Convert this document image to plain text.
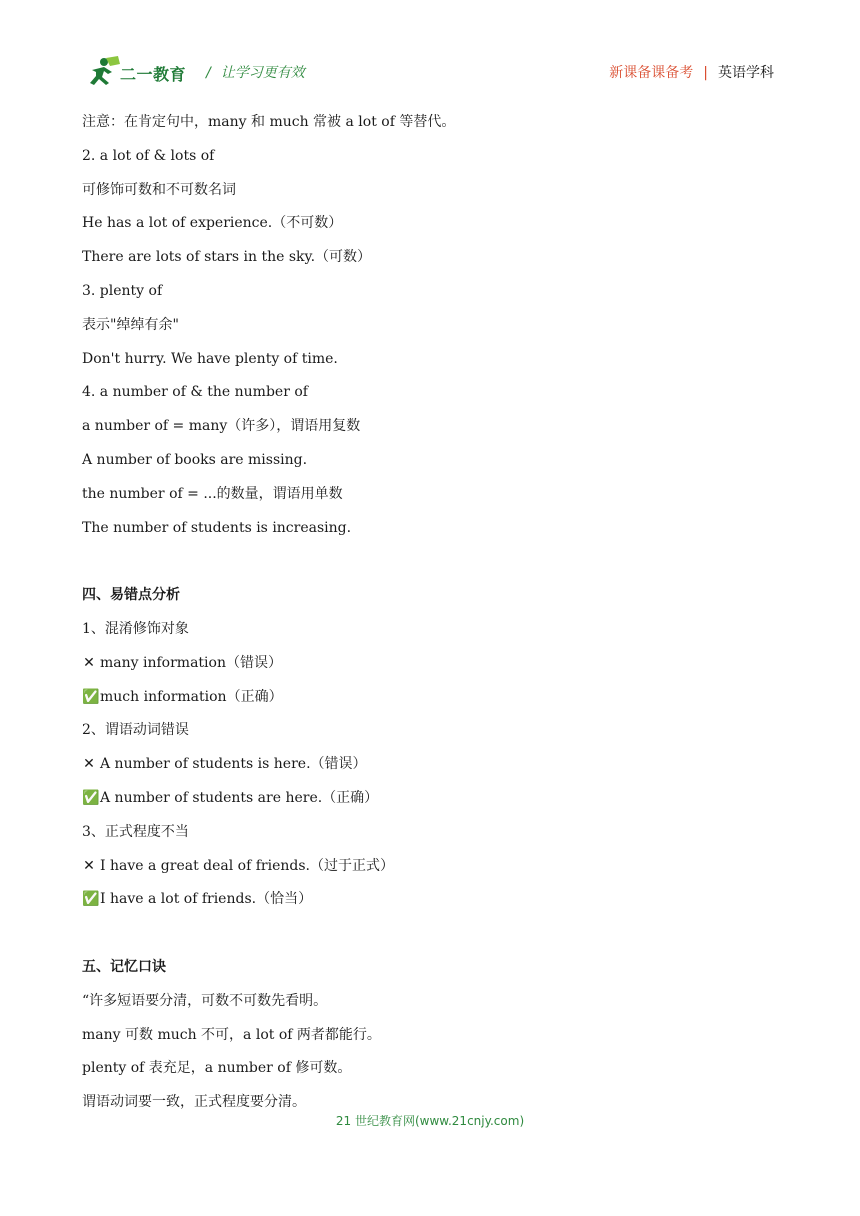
二一教育 / 让学习更有效	新课备课备考 | 英语学科
注意：在肯定句中，many 和 much 常被 a lot of 等替代。
2. a lot of & lots of
可修饰可数和不可数名词
He has a lot of experience.（不可数）
There are lots of stars in the sky.（可数）
3. plenty of
表示"绰绰有余"
Don't hurry. We have plenty of time.
4. a number of & the number of
a number of = many（许多），谓语用复数
A number of books are missing.
the number of = ...的数量，谓语用单数
The number of students is increasing.
四、易错点分析
1、混淆修饰对象
✕ many information（错误）
✅much information（正确）
2、谓语动词错误
✕ A number of students is here.（错误）
✅A number of students are here.（正确）
3、正式程度不当
✕ I have a great deal of friends.（过于正式）
✅I have a lot of friends.（恰当）
五、记忆口诀
“许多短语要分清，可数不可数先看明。
many 可数 much 不可，a lot of 两者都能行。
plenty of 表充足，a number of 修可数。
谓语动词要一致，正式程度要分清。
21 世纪教育网(www.21cnjy.com)
